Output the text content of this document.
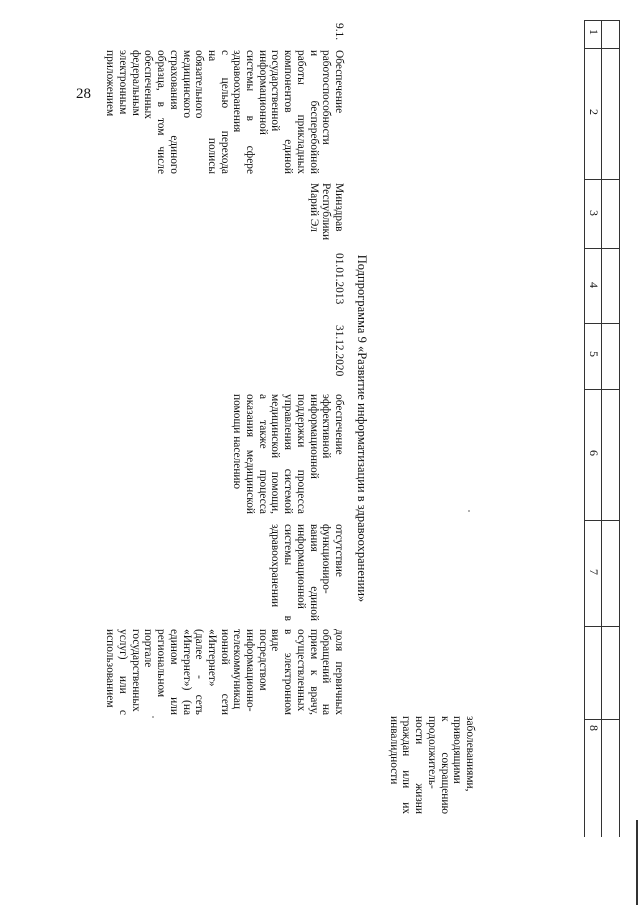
28
1
2
3
4
5
6
7
8
заболеваниями,
приводящими
к сокращению
продолжитель-
ности жизни
граждан или их
инвалидности
Подпрограмма 9 «Развитие информатизации в здравоохранении»
9.1.
Обеспечение
работоспособности
и бесперебойной
работы прикладных
компонентов единой
государственной
информационной
системы в сфере
здравоохранения
с целью перехода
на полисы
обязательного
медицинского
страхования единого
образца, в том числе
обеспеченных
федеральным
электронным
приложением
Минздрав
Республики
Марий Эл
01.01.2013
31.12.2020
обеспечение
эффективной
информационной
поддержки процесса
управления системой
медицинской помощи,
а также процесса
оказания медицинской
помощи населению
отсутствие
функциониро-
вания единой
информационной
системы в
здравоохранении
доля первичных
обращений на
прием к врачу,
осуществленных
в электронном
виде
посредством
информационно-
телекоммуникац
ионной сети
«Интернет»
(далее - сеть
«Интернет») (на
едином или
региональном
портале
государственных
услуг) или с
использованием
